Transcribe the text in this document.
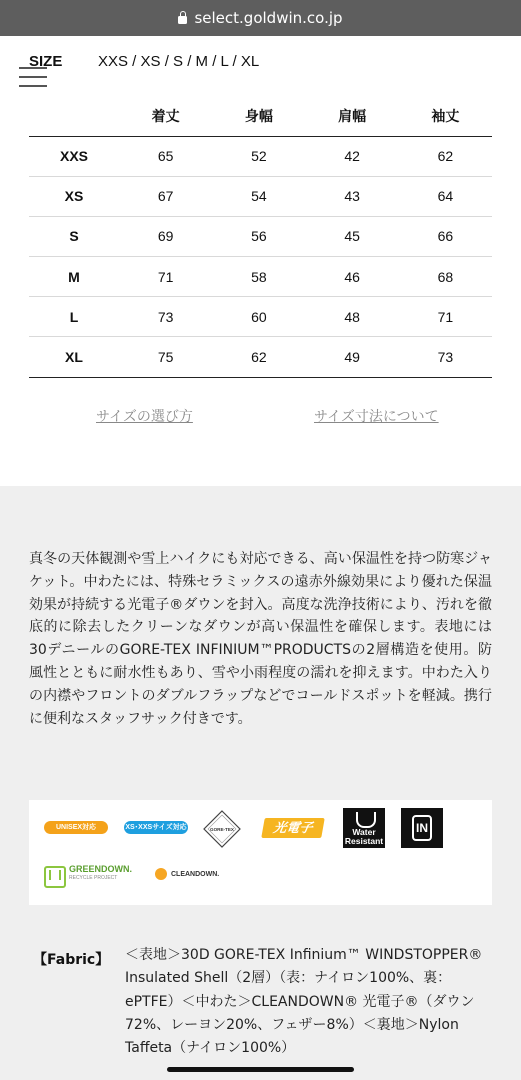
select.goldwin.co.jp
SIZE XXS / XS / S / M / L / XL
	着丈	身幅	肩幅	袖丈
XXS	65	52	42	62
XS	67	54	43	64
S	69	56	45	66
M	71	58	46	68
L	73	60	48	71
XL	75	62	49	73
サイズの選び方	サイズ寸法について

真冬の天体観測や雪上ハイクにも対応できる、高い保温性を持つ防寒ジャケット。中わたには、特殊セラミックスの遠赤外線効果により優れた保温効果が持続する光電子®ダウンを封入。高度な洗浄技術により、汚れを徹底的に除去したクリーンなダウンが高い保温性を確保します。表地には30デニールのGORE-TEX INFINIUM™PRODUCTSの2層構造を使用。防風性とともに耐水性もあり、雪や小雨程度の濡れを抑えます。中わた入りの内襟やフロントのダブルフラップなどでコールドスポットを軽減。携行に便利なスタッフサック付きです。

UNISEX対応	XS･XXSサイズ対応	GORE-TEX	光電子	Water Resistant
IN
GREENDOWN.
RECYCLE PROJECT
CLEANDOWN.
【Fabric】 ＜表地＞30D GORE-TEX Infinium™ WINDSTOPPER® Insulated Shell（2層）（表：ナイロン100%、裏：ePTFE）＜中わた＞CLEANDOWN® 光電子®（ダウン72%、レーヨン20%、フェザー8%）＜裏地＞Nylon Taffeta（ナイロン100%）
